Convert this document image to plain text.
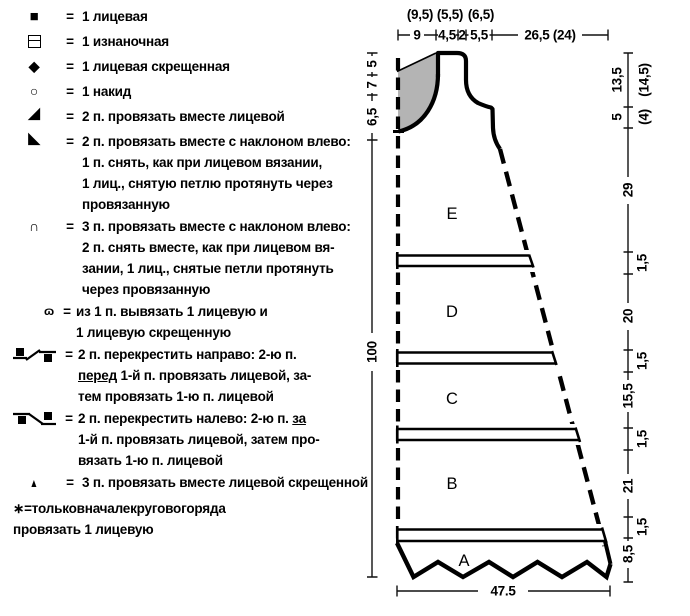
■	= 1 лицевая
= 1 изнаночная
◆	= 1 лицевая скрещенная
○	= 1 накид
◢	= 2 п. провязать вместе лицевой
◣	= 2 п. провязать вместе с наклоном влево:
1 п. снять, как при лицевом вязании,
1 лиц., снятую петлю протянуть через
провязанную
∩	= 3 п. провязать вместе с наклоном влево:
2 п. снять вместе, как при лицевом вя-
зании, 1 лиц., снятые петли протянуть
через провязанную
ɷ = из 1 п. вывязать 1 лицевую и
1 лицевую скрещенную
= 2 п. перекрестить направо: 2-ю п.
перед 1-й п. провязать лицевой, за-
тем провязать 1-ю п. лицевой
= 2 п. перекрестить налево: 2-ю п. за
1-й п. провязать лицевой, затем про-
вязать 1-ю п. лицевой
▲	= 3 п. провязать вместе лицевой скрещенной
∗=тольковначалекруговогоряда
провязать 1 лицевую
E
D
C
B
A
9 4,5 2 5,5	26,5 (24)
(9,5) (5,5) (6,5)
5
7
6,5
100
13,5 (14,5)
5 (4)
29
1,5
20
1,5
15,5
1,5
21
1,5
8,5
47.5
